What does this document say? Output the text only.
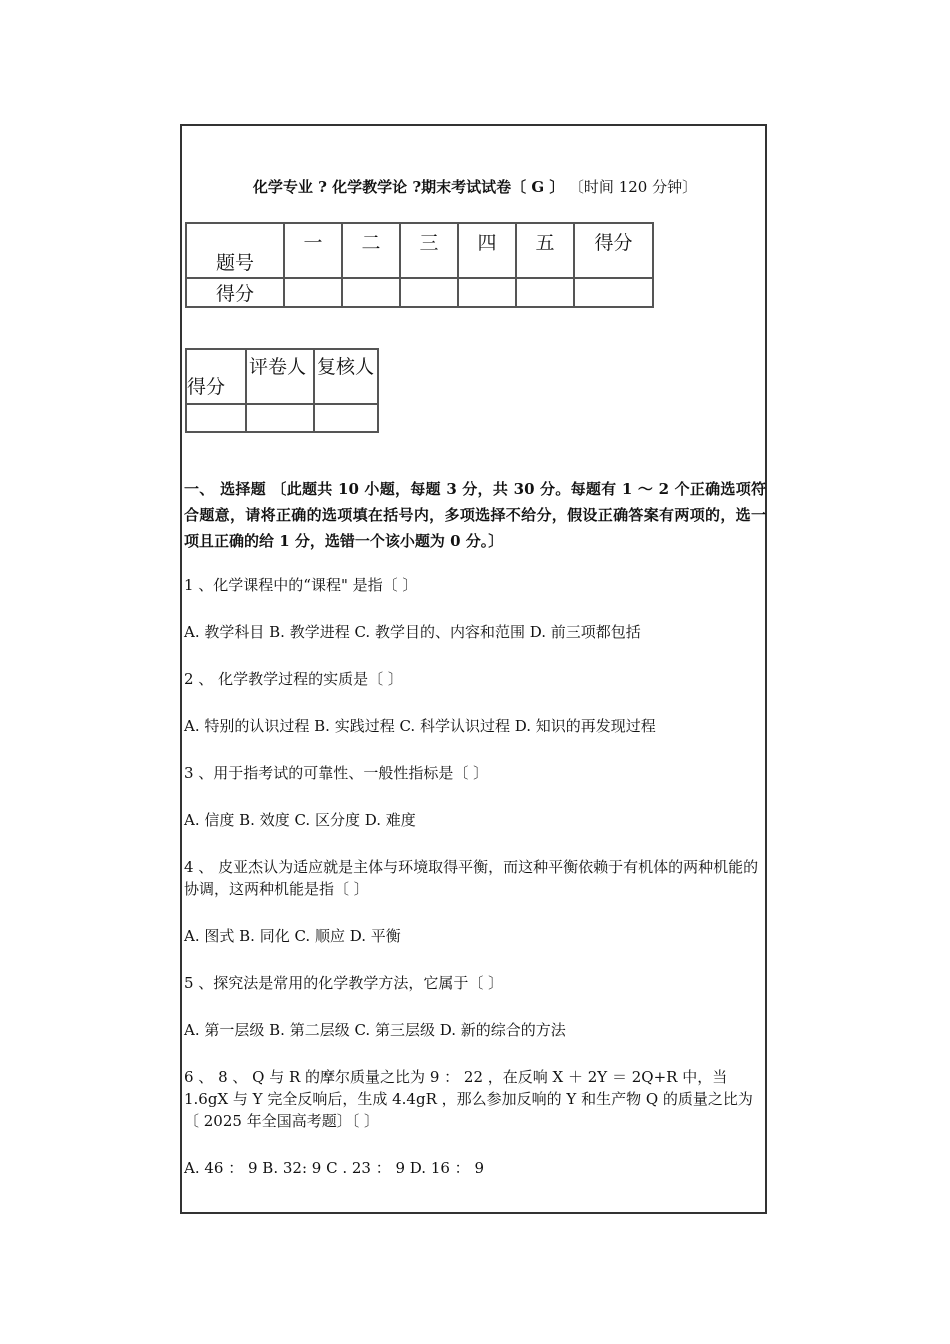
化学专业 ? 化学教学论 ?期末考试试卷〔 G 〕 〔时间 120 分钟〕
题号	一	二	三	四	五	得分
得分						
得分	评卷人	复核人

一、 选择题 〔此题共 10 小题，每题 3 分，共 30 分。每题有 1 ～ 2 个正确选项符合题意，请将正确的选项填在括号内，多项选择不给分，假设正确答案有两项的，选一项且正确的给 1 分，选错一个该小题为 0 分。〕

1 、化学课程中的“课程" 是指〔 〕

A. 教学科目 B. 教学进程 C. 教学目的、内容和范围 D. 前三项都包括

2 、 化学教学过程的实质是〔 〕

A. 特别的认识过程 B. 实践过程 C. 科学认识过程 D. 知识的再发现过程

3 、用于指考试的可靠性、一般性指标是〔 〕

A. 信度 B. 效度 C. 区分度 D. 难度

4 、 皮亚杰认为适应就是主体与环境取得平衡，而这种平衡依赖于有机体的两种机能的协调，这两种机能是指〔 〕

A. 图式 B. 同化 C. 顺应 D. 平衡

5 、探究法是常用的化学教学方法，它属于〔 〕

A. 第一层级 B. 第二层级 C. 第三层级 D. 新的综合的方法

6 、 8 、 Q 与 R 的摩尔质量之比为 9 ： 22 ，在反响 X ＋ 2Y ＝ 2Q+R 中，当 1.6gX 与 Y 完全反响后，生成 4.4gR ，那么参加反响的 Y 和生产物 Q 的质量之比为〔 2025 年全国高考题〕〔 〕

A. 46 ： 9 B. 32: 9 C . 23 ： 9 D. 16 ： 9
